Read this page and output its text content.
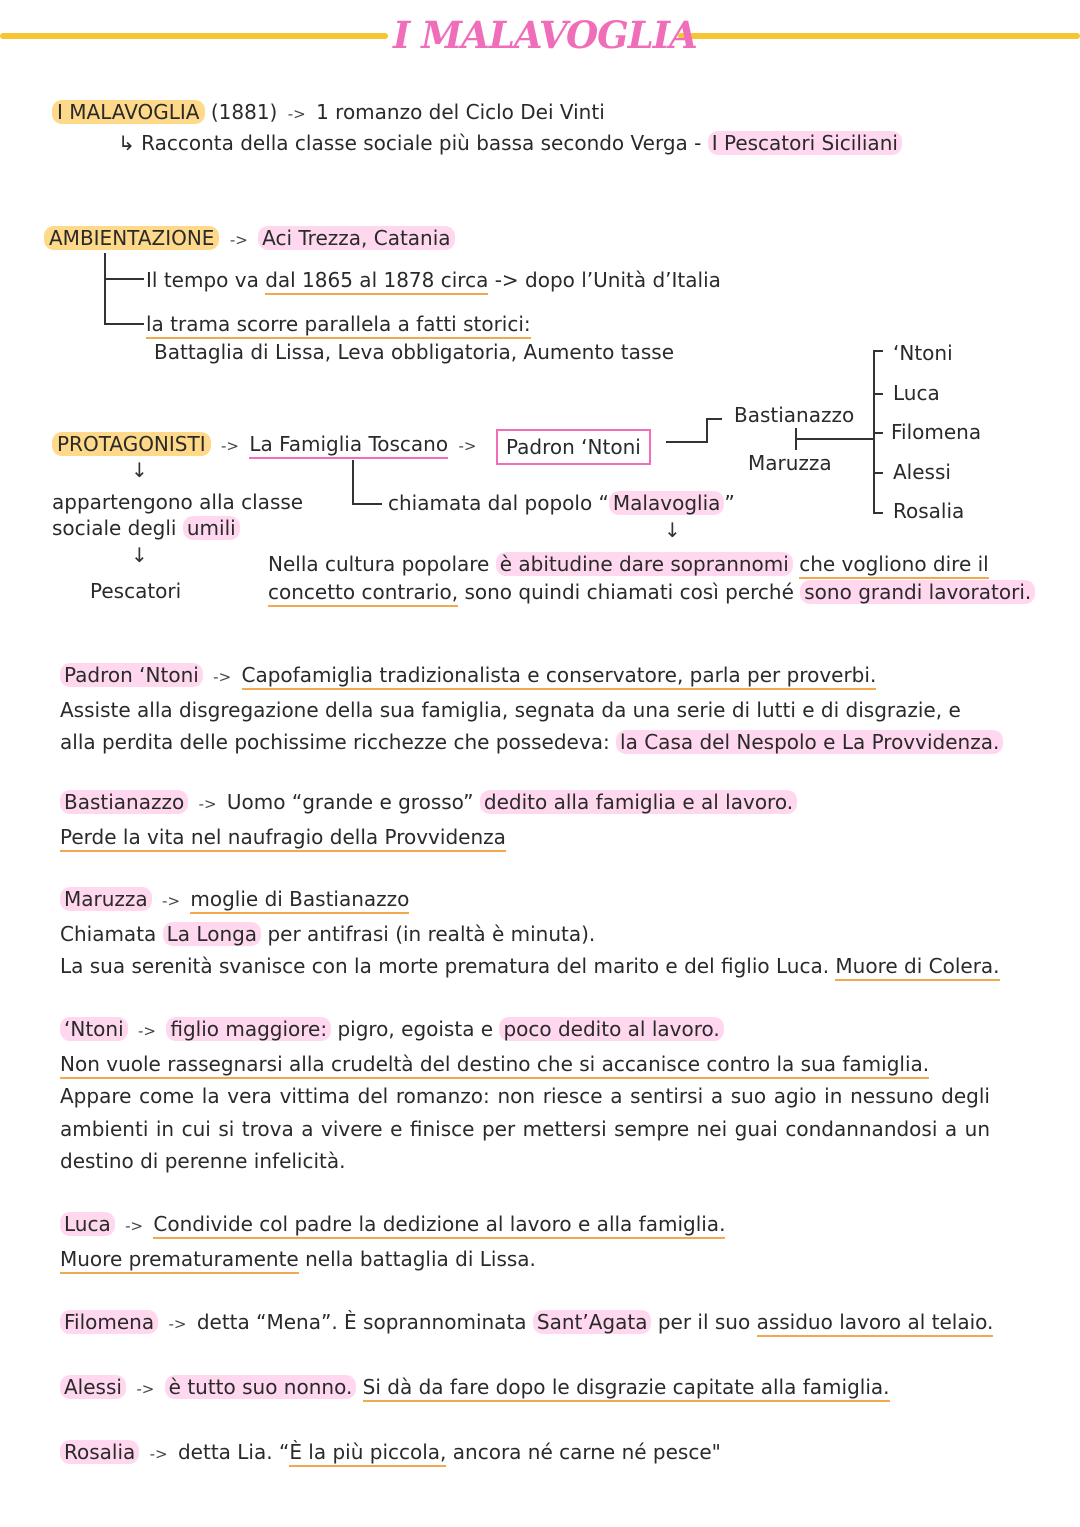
I MALAVOGLIA
I MALAVOGLIA (1881) -> 1 romanzo del Ciclo Dei Vinti
↳ Racconta della classe sociale più bassa secondo Verga - I Pescatori Siciliani
AMBIENTAZIONE -> Aci Trezza, Catania
Il tempo va dal 1865 al 1878 circa -> dopo l’Unità d’Italia
la trama scorre parallela a fatti storici:
Battaglia di Lissa, Leva obbligatoria, Aumento tasse
PROTAGONISTI -> La Famiglia Toscano ->	Padron ‘Ntoni
chiamata dal popolo “ Malavoglia ”
↓
↓
appartengono alla classe
sociale degli umili
↓
Pescatori
Nella cultura popolare è abitudine dare soprannomi che vogliono dire il
concetto contrario, sono quindi chiamati così perché sono grandi lavoratori.
Bastianazzo
Maruzza
‘Ntoni
Luca
Filomena
Alessi
Rosalia

Padron ‘Ntoni -> Capofamiglia tradizionalista e conservatore, parla per proverbi.

Assiste alla disgregazione della sua famiglia, segnata da una serie di lutti e di disgrazie, e

alla perdita delle pochissime ricchezze che possedeva: la Casa del Nespolo e La Provvidenza.

Bastianazzo -> Uomo “grande e grosso” dedito alla famiglia e al lavoro.

Perde la vita nel naufragio della Provvidenza

Maruzza -> moglie di Bastianazzo

Chiamata La Longa per antifrasi (in realtà è minuta).

La sua serenità svanisce con la morte prematura del marito e del figlio Luca. Muore di Colera.

‘Ntoni -> figlio maggiore: pigro, egoista e poco dedito al lavoro.

Non vuole rassegnarsi alla crudeltà del destino che si accanisce contro la sua famiglia.

Appare come la vera vittima del romanzo: non riesce a sentirsi a suo agio in nessuno degli ambienti in cui si trova a vivere e finisce per mettersi sempre nei guai condannandosi a un destino di perenne infelicità.

Luca -> Condivide col padre la dedizione al lavoro e alla famiglia.

Muore prematuramente nella battaglia di Lissa.

Filomena -> detta “Mena”. È soprannominata Sant’Agata per il suo assiduo lavoro al telaio.

Alessi -> è tutto suo nonno. Si dà da fare dopo le disgrazie capitate alla famiglia.

Rosalia -> detta Lia. “È la più piccola, ancora né carne né pesce"
